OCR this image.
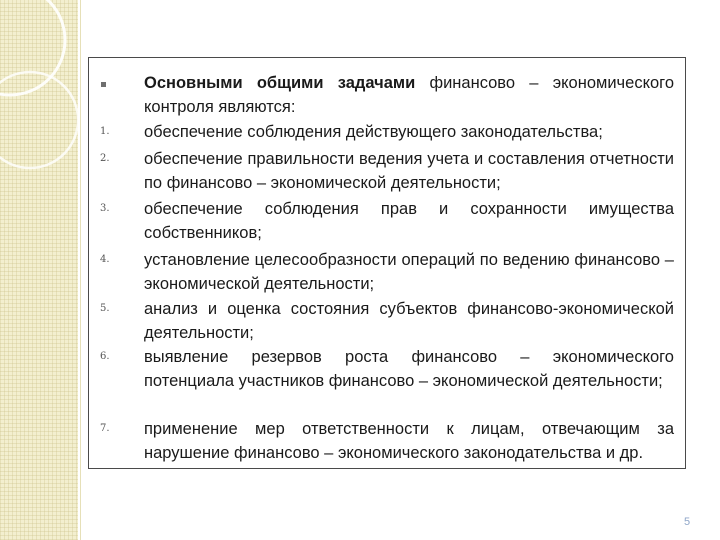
Основными общими задачами финансово – экономического контроля являются:
1.	обеспечение соблюдения действующего законодательства;
2.	обеспечение правильности ведения учета и составления отчетности по финансово – экономической деятельности;
3.	обеспечение соблюдения прав и сохранности имущества собственников;
4.	установление целесообразности операций по ведению финансово – экономической деятельности;
5.	анализ и оценка состояния субъектов финансово-экономической деятельности;
6.	выявление резервов роста финансово – экономического потенциала участников финансово – экономической деятельности;
7.	применение мер ответственности к лицам, отвечающим за нарушение финансово – экономического законодательства и др.
5
